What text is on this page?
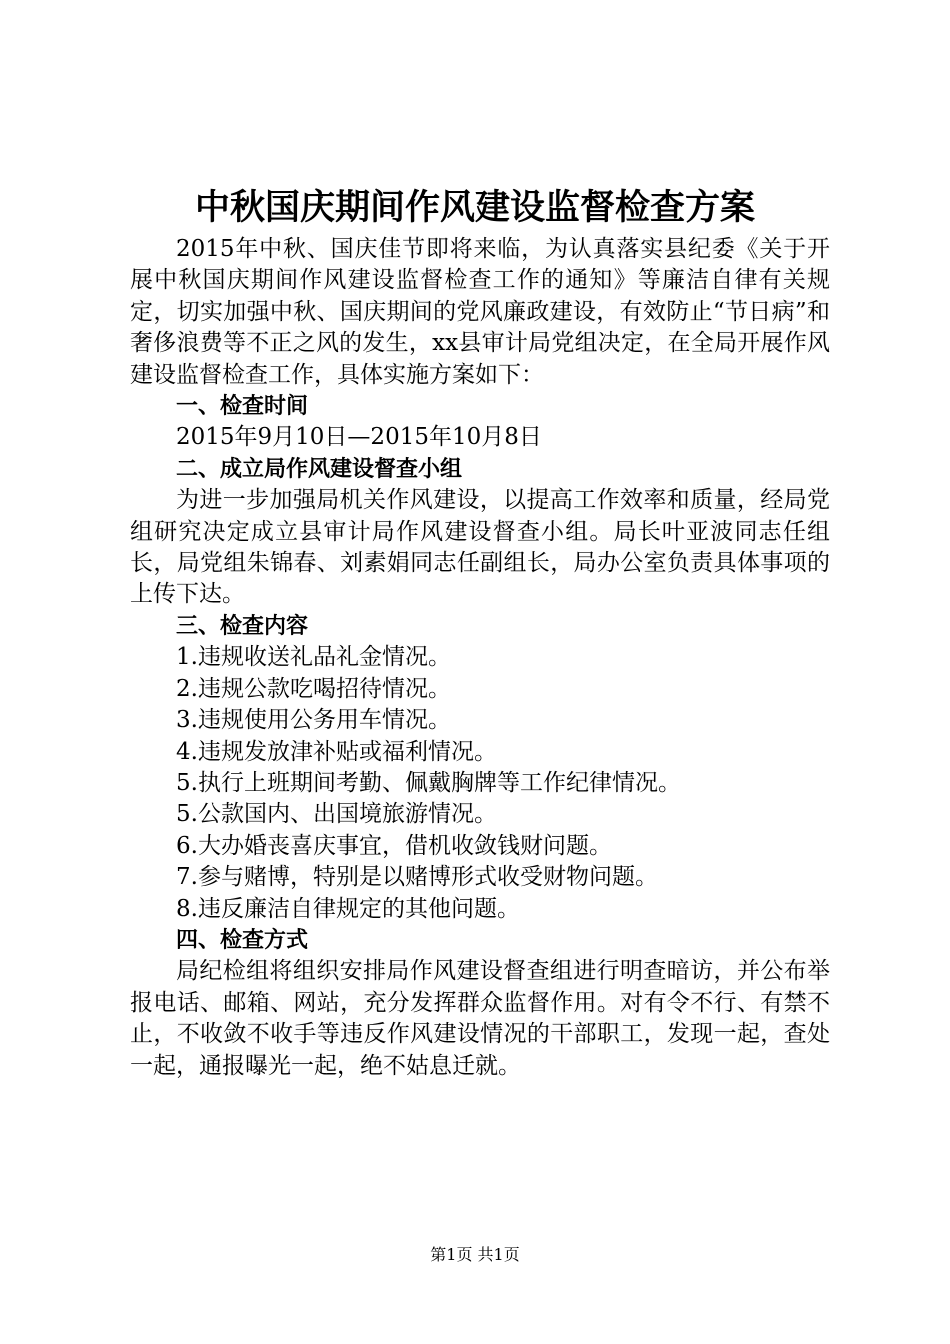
中秋国庆期间作风建设监督检查方案

2015年中秋、国庆佳节即将来临，为认真落实县纪委《关于开展中秋国庆期间作风建设监督检查工作的通知》等廉洁自律有关规定，切实加强中秋、国庆期间的党风廉政建设，有效防止“节日病”和奢侈浪费等不正之风的发生，xx县审计局党组决定，在全局开展作风建设监督检查工作，具体实施方案如下：

一、检查时间

2015年9月10日—2015年10月8日

二、成立局作风建设督查小组

为进一步加强局机关作风建设，以提高工作效率和质量，经局党组研究决定成立县审计局作风建设督查小组。局长叶亚波同志任组长，局党组朱锦春、刘素娟同志任副组长，局办公室负责具体事项的上传下达。

三、检查内容

1.违规收送礼品礼金情况。

2.违规公款吃喝招待情况。

3.违规使用公务用车情况。

4.违规发放津补贴或福利情况。

5.执行上班期间考勤、佩戴胸牌等工作纪律情况。

5.公款国内、出国境旅游情况。

6.大办婚丧喜庆事宜，借机收敛钱财问题。

7.参与赌博，特别是以赌博形式收受财物问题。

8.违反廉洁自律规定的其他问题。

四、检查方式

局纪检组将组织安排局作风建设督查组进行明查暗访，并公布举报电话、邮箱、网站，充分发挥群众监督作用。对有令不行、有禁不止，不收敛不收手等违反作风建设情况的干部职工，发现一起，查处一起，通报曝光一起，绝不姑息迁就。

第1页 共1页
